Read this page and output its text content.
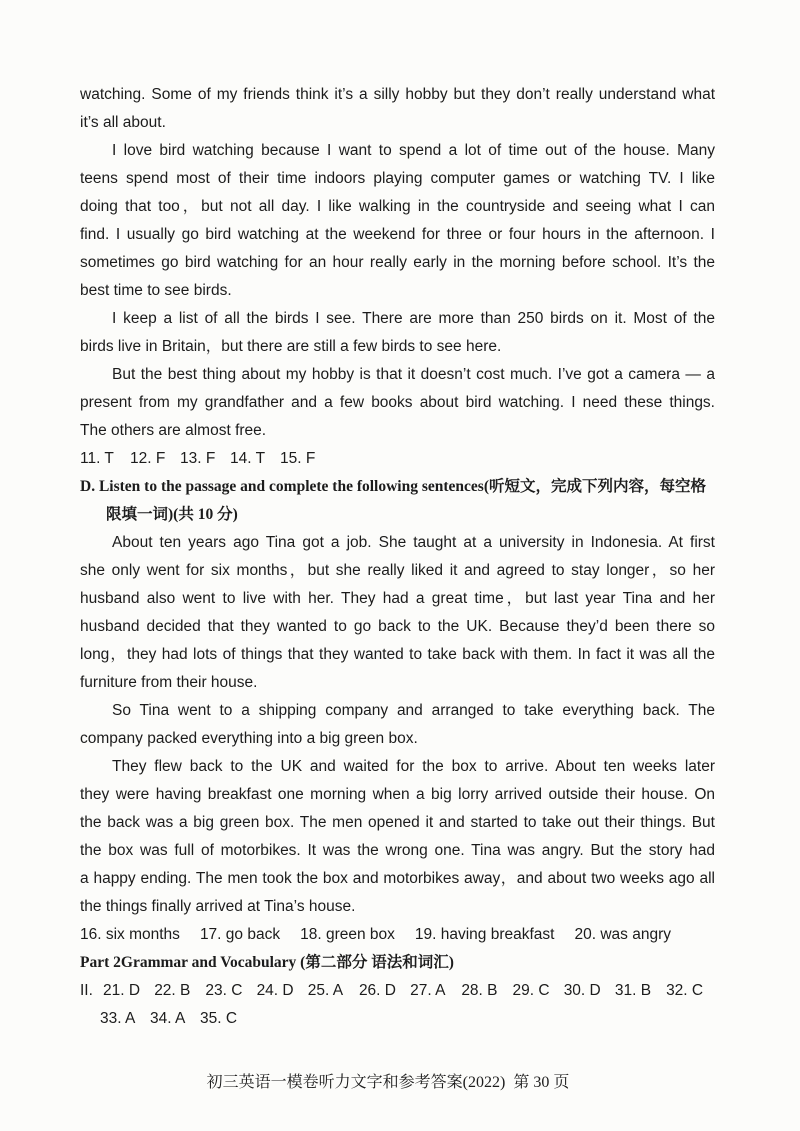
watching. Some of my friends think it’s a silly hobby but they don’t really understand what
it’s all about.
I love bird watching because I want to spend a lot of time out of the house. Many
teens spend most of their time indoors playing computer games or watching TV. I like
doing that too，but not all day. I like walking in the countryside and seeing what I can
find. I usually go bird watching at the weekend for three or four hours in the afternoon. I
sometimes go bird watching for an hour really early in the morning before school. It’s the
best time to see birds.
I keep a list of all the birds I see. There are more than 250 birds on it. Most of the
birds live in Britain，but there are still a few birds to see here.
But the best thing about my hobby is that it doesn’t cost much. I’ve got a camera — a
present from my grandfather and a few books about bird watching. I need these things.
The others are almost free.
11. T 12. F 13. F 14. T 15. F
D. Listen to the passage and complete the following sentences(听短文，完成下列内容，每空格
限填一词)(共 10 分)
About ten years ago Tina got a job. She taught at a university in Indonesia. At first
she only went for six months，but she really liked it and agreed to stay longer，so her
husband also went to live with her. They had a great time，but last year Tina and her
husband decided that they wanted to go back to the UK. Because they’d been there so
long，they had lots of things that they wanted to take back with them. In fact it was all the
furniture from their house.
So Tina went to a shipping company and arranged to take everything back. The
company packed everything into a big green box.
They flew back to the UK and waited for the box to arrive. About ten weeks later
they were having breakfast one morning when a big lorry arrived outside their house. On
the back was a big green box. The men opened it and started to take out their things. But
the box was full of motorbikes. It was the wrong one. Tina was angry. But the story had
a happy ending. The men took the box and motorbikes away，and about two weeks ago all
the things finally arrived at Tina’s house.
16. six months 17. go back 18. green box 19. having breakfast 20. was angry
Part 2Grammar and Vocabulary (第二部分 语法和词汇)
II. 21. D 22. B 23. C 24. D 25. A 26. D 27. A 28. B 29. C 30. D 31. B 32. C
33. A 34. A 35. C
初三英语一模卷听力文字和参考答案(2022)  第 30 页
